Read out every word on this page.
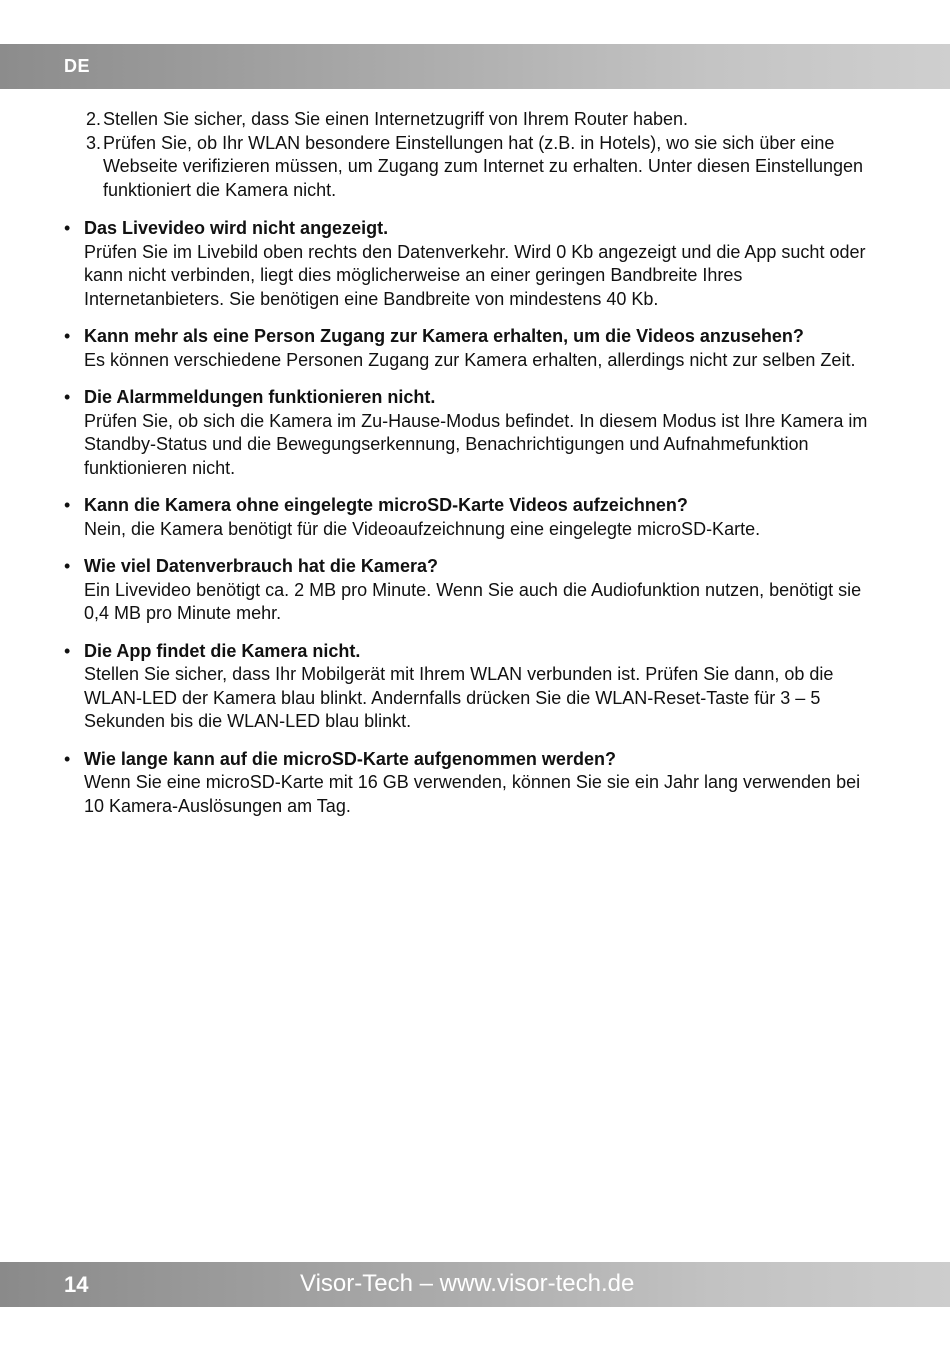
DE
2. Stellen Sie sicher, dass Sie einen Internetzugriff von Ihrem Router haben.
3. Prüfen Sie, ob Ihr WLAN besondere Einstellungen hat (z.B. in Hotels), wo sie sich über eine Webseite verifizieren müssen, um Zugang zum Internet zu erhalten. Unter diesen Einstellungen funktioniert die Kamera nicht.
• Das Livevideo wird nicht angezeigt.
Prüfen Sie im Livebild oben rechts den Datenverkehr. Wird 0 Kb angezeigt und die App sucht oder kann nicht verbinden, liegt dies möglicherweise an einer geringen Bandbreite Ihres Internetanbieters. Sie benötigen eine Bandbreite von mindestens 40 Kb.
• Kann mehr als eine Person Zugang zur Kamera erhalten, um die Videos anzusehen?
Es können verschiedene Personen Zugang zur Kamera erhalten, allerdings nicht zur selben Zeit.
• Die Alarmmeldungen funktionieren nicht.
Prüfen Sie, ob sich die Kamera im Zu-Hause-Modus befindet. In diesem Modus ist Ihre Kamera im Standby-Status und die Bewegungserkennung, Benachrichtigungen und Aufnahmefunktion funktionieren nicht.
• Kann die Kamera ohne eingelegte microSD-Karte Videos aufzeichnen?
Nein, die Kamera benötigt für die Videoaufzeichnung eine eingelegte microSD-Karte.
• Wie viel Datenverbrauch hat die Kamera?
Ein Livevideo benötigt ca. 2 MB pro Minute. Wenn Sie auch die Audiofunktion nutzen, benötigt sie 0,4 MB pro Minute mehr.
• Die App findet die Kamera nicht.
Stellen Sie sicher, dass Ihr Mobilgerät mit Ihrem WLAN verbunden ist. Prüfen Sie dann, ob die WLAN-LED der Kamera blau blinkt. Andernfalls drücken Sie die WLAN-Reset-Taste für 3 – 5 Sekunden bis die WLAN-LED blau blinkt.
• Wie lange kann auf die microSD-Karte aufgenommen werden?
Wenn Sie eine microSD-Karte mit 16 GB verwenden, können Sie sie ein Jahr lang verwenden bei 10 Kamera-Auslösungen am Tag.
14	Visor-Tech – www.visor-tech.de
